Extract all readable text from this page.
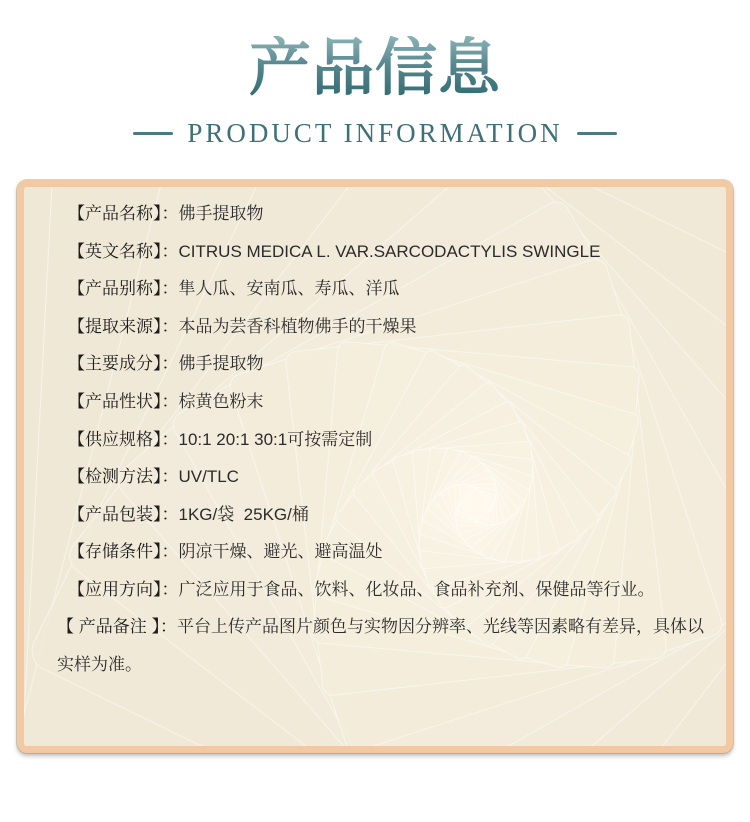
产品信息
PRODUCT INFORMATION
【产品名称】：佛手提取物
【英文名称】：CITRUS MEDICA L. VAR.SARCODACTYLIS SWINGLE
【产品别称】：隼人瓜、安南瓜、寿瓜、洋瓜
【提取来源】：本品为芸香科植物佛手的干燥果
【主要成分】：佛手提取物
【产品性状】：棕黄色粉末
【供应规格】：10:1 20:1 30:1可按需定制
【检测方法】：UV/TLC
【产品包装】：1KG/袋  25KG/桶
【存储条件】：阴凉干燥、避光、避高温处
【应用方向】：广泛应用于食品、饮料、化妆品、食品补充剂、保健品等行业。
【 产品备注 】：平台上传产品图片颜色与实物因分辨率、光线等因素略有差异，具体以实样为准。
